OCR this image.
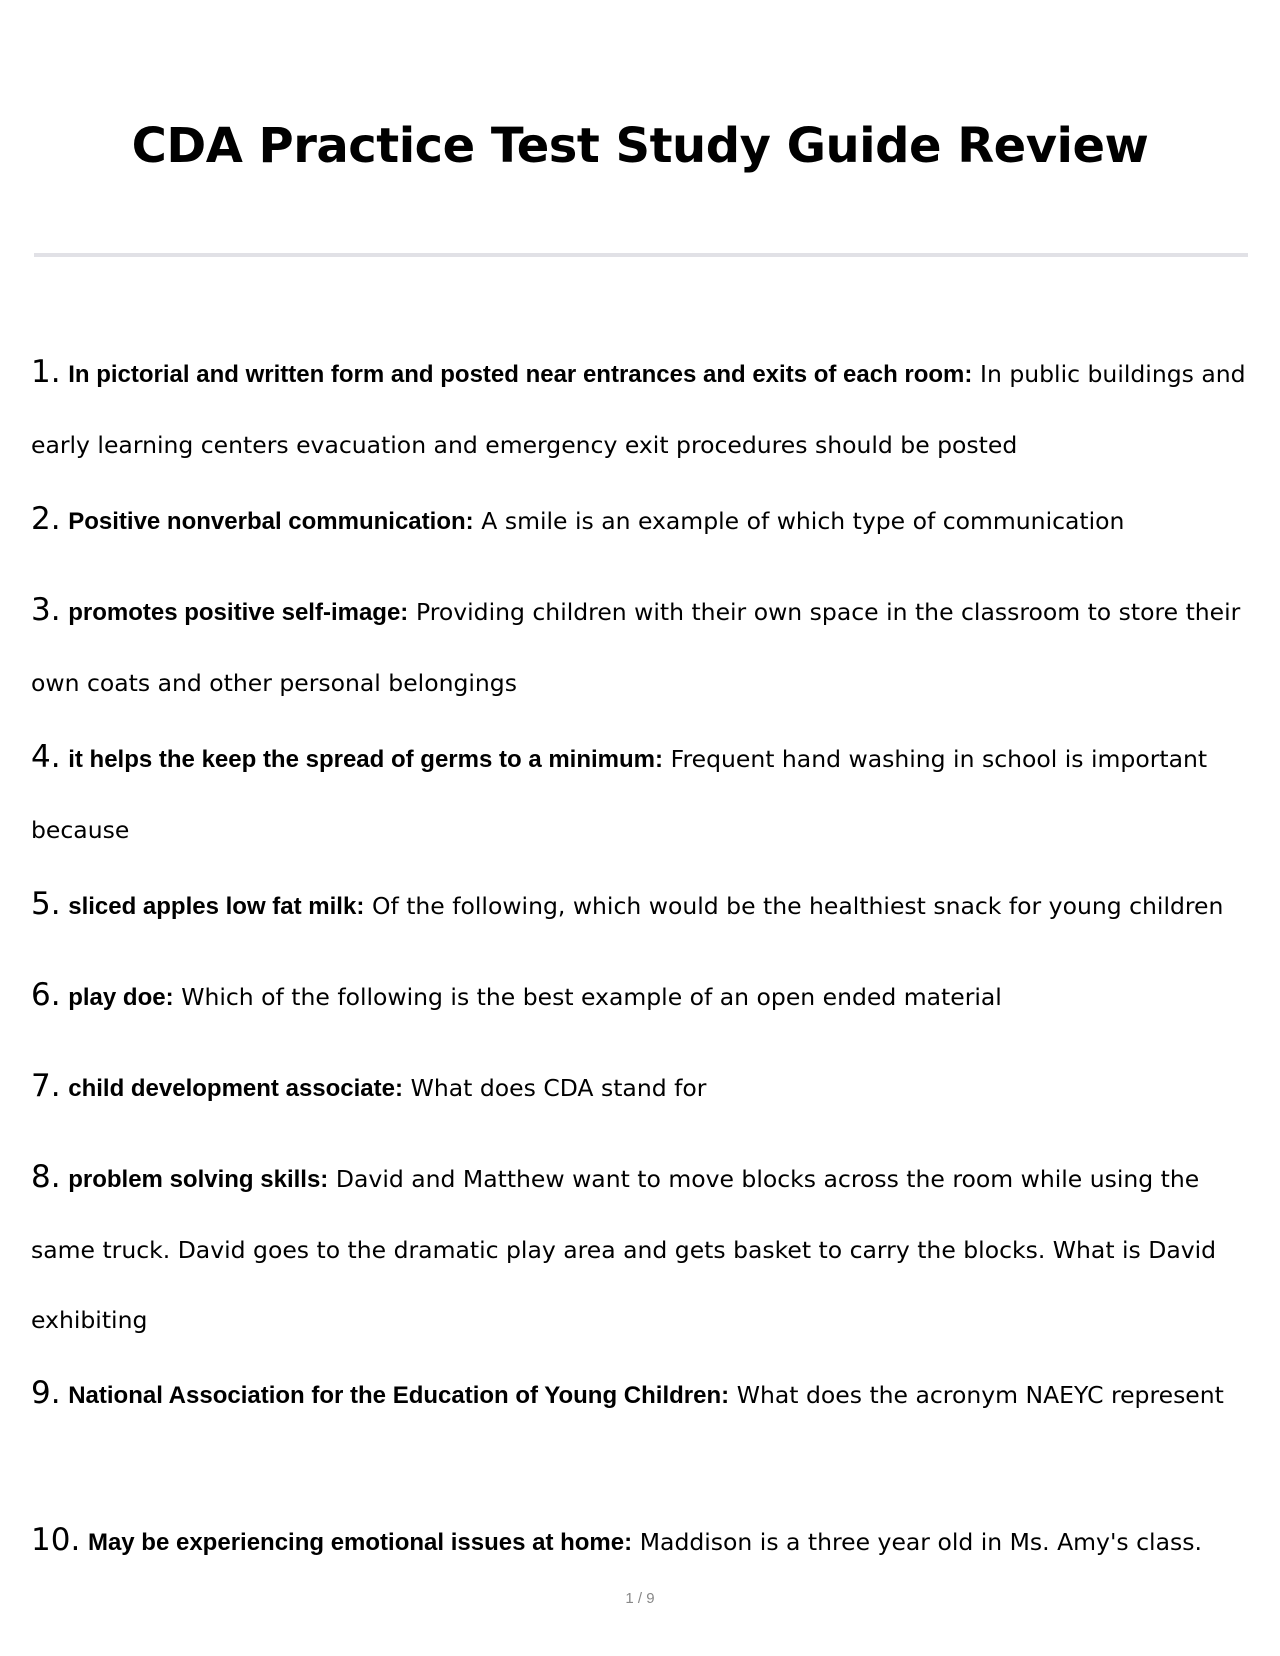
CDA Practice Test Study Guide Review

1. In pictorial and written form and posted near entrances and exits of each room: In public buildings and early learning centers evacuation and emergency exit procedures should be posted

2. Positive nonverbal communication: A smile is an example of which type of communication

3. promotes positive self-image: Providing children with their own space in the classroom to store their own coats and other personal belongings

4. it helps the keep the spread of germs to a minimum: Frequent hand washing in school is important because

5. sliced apples low fat milk: Of the following, which would be the healthiest snack for young children

6. play doe: Which of the following is the best example of an open ended material

7. child development associate: What does CDA stand for

8. problem solving skills: David and Matthew want to move blocks across the room while using the same truck. David goes to the dramatic play area and gets basket to carry the blocks. What is David exhibiting

9. National Association for the Education of Young Children: What does the acronym NAEYC represent

10. May be experiencing emotional issues at home: Maddison is a three year old in Ms. Amy's class.

1 / 9
